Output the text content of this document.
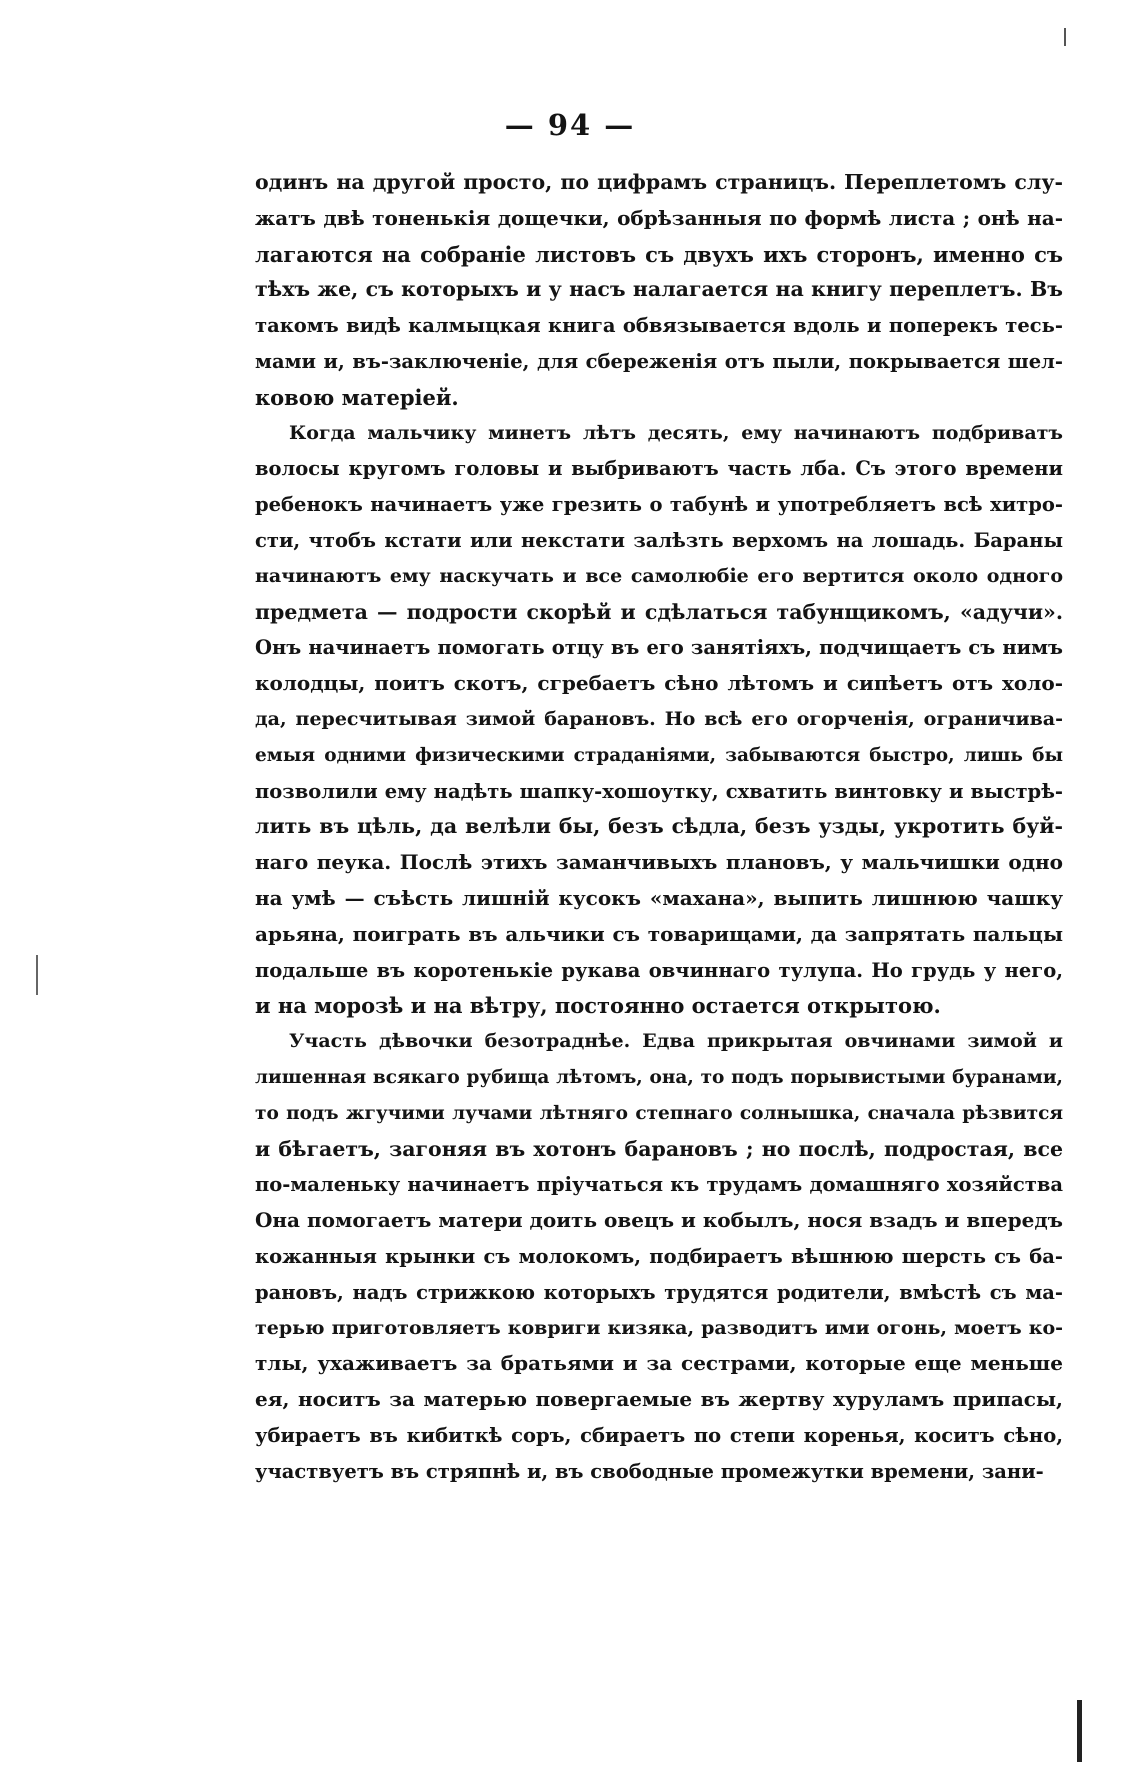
— 94 —
одинъ на другой просто, по цифрамъ страницъ. Переплетомъ слу-
жатъ двѣ тоненькія дощечки, обрѣзанныя по формѣ листа ; онѣ на-
лагаются на собраніе листовъ съ двухъ ихъ сторонъ, именно съ
тѣхъ же, съ которыхъ и у насъ налагается на книгу переплетъ. Въ
такомъ видѣ калмыцкая книга обвязывается вдоль и поперекъ тесь-
мами и, въ-заключеніе, для сбереженія отъ пыли, покрывается шел-
ковою матеріей.
Когда мальчику минетъ лѣтъ десять, ему начинаютъ подбриватъ
волосы кругомъ головы и выбриваютъ часть лба. Съ этого времени
ребенокъ начинаетъ уже грезить о табунѣ и употребляетъ всѣ хитро-
сти, чтобъ кстати или некстати залѣзть верхомъ на лошадь. Бараны
начинаютъ ему наскучать и все самолюбіе его вертится около одного
предмета — подрости скорѣй и сдѣлаться табунщикомъ, «адучи».
Онъ начинаетъ помогать отцу въ его занятіяхъ, подчищаетъ съ нимъ
колодцы, поитъ скотъ, сгребаетъ сѣно лѣтомъ и сипѣетъ отъ холо-
да, пересчитывая зимой барановъ. Но всѣ его огорченія, ограничива-
емыя одними физическими страданіями, забываются быстро, лишь бы
позволили ему надѣть шапку-хошоутку, схватить винтовку и выстрѣ-
лить въ цѣль, да велѣли бы, безъ сѣдла, безъ узды, укротить буй-
наго пеука. Послѣ этихъ заманчивыхъ плановъ, у мальчишки одно
на умѣ — съѣсть лишній кусокъ «махана», выпить лишнюю чашку
арьяна, поиграть въ альчики съ товарищами, да запрятать пальцы
подальше въ коротенькіе рукава овчиннаго тулупа. Но грудь у него,
и на морозѣ и на вѣтру, постоянно остается открытою.
Участь дѣвочки безотраднѣе. Едва прикрытая овчинами зимой и
лишенная всякаго рубища лѣтомъ, она, то подъ порывистыми буранами,
то подъ жгучими лучами лѣтняго степнаго солнышка, сначала рѣзвится
и бѣгаетъ, загоняя въ хотонъ барановъ ; но послѣ, подростая, все
по-маленьку начинаетъ пріучаться къ трудамъ домашняго хозяйства
Она помогаетъ матери доить овецъ и кобылъ, нося взадъ и впередъ
кожанныя крынки съ молокомъ, подбираетъ вѣшнюю шерсть съ ба-
рановъ, надъ стрижкою которыхъ трудятся родители, вмѣстѣ съ ма-
терью приготовляетъ ковриги кизяка, разводитъ ими огонь, моетъ ко-
тлы, ухаживаетъ за братьями и за сестрами, которые еще меньше
ея, носитъ за матерью повергаемые въ жертву хуруламъ припасы,
убираетъ въ кибиткѣ соръ, сбираетъ по степи коренья, коситъ сѣно,
участвуетъ въ стряпнѣ и, въ свободные промежутки времени, зани-
